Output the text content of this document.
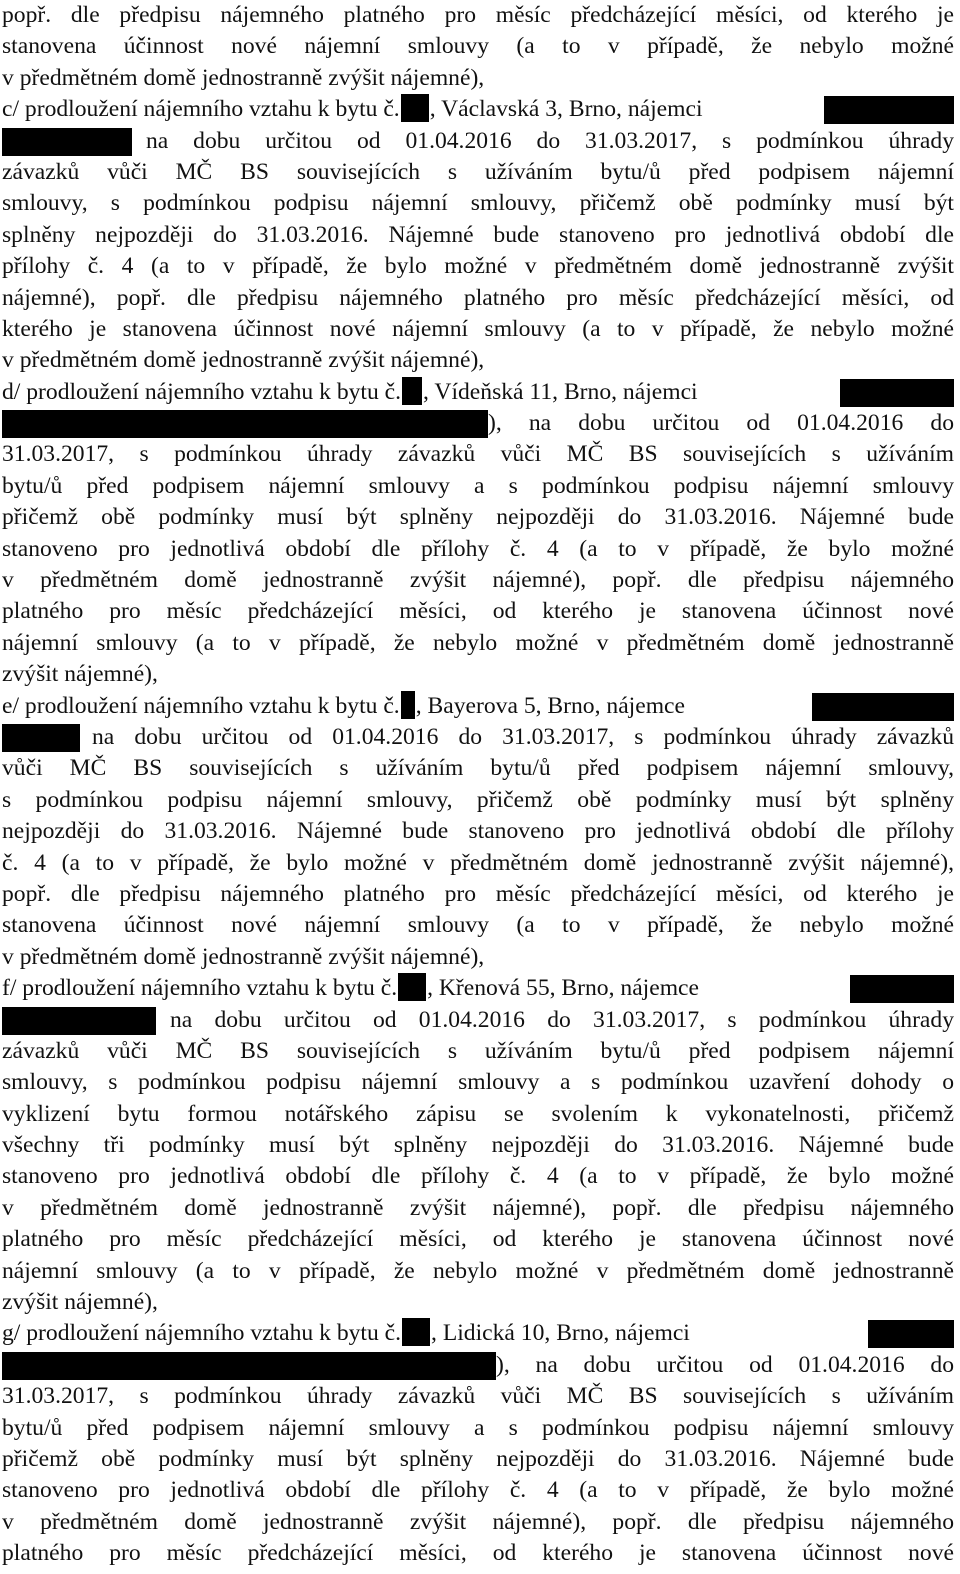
popř. dle předpisu nájemného platného pro měsíc předcházející měsíci, od kterého je
stanovena účinnost nové nájemní smlouvy (a to v případě, že nebylo možné
v předmětném domě jednostranně zvýšit nájemné),
c/ prodloužení nájemního vztahu k bytu č. , Václavská 3, Brno, nájemci
na dobu určitou od 01.04.2016 do 31.03.2017, s podmínkou úhrady
závazků vůči MČ BS souvisejících s užíváním bytu/ů před podpisem nájemní
smlouvy, s podmínkou podpisu nájemní smlouvy, přičemž obě podmínky musí být
splněny nejpozději do 31.03.2016. Nájemné bude stanoveno pro jednotlivá období dle
přílohy č. 4 (a to v případě, že bylo možné v předmětném domě jednostranně zvýšit
nájemné), popř. dle předpisu nájemného platného pro měsíc předcházející měsíci, od
kterého je stanovena účinnost nové nájemní smlouvy (a to v případě, že nebylo možné
v předmětném domě jednostranně zvýšit nájemné),
d/ prodloužení nájemního vztahu k bytu č. , Vídeňská 11, Brno, nájemci
), na dobu určitou od 01.04.2016 do
31.03.2017, s podmínkou úhrady závazků vůči MČ BS souvisejících s užíváním
bytu/ů před podpisem nájemní smlouvy a s podmínkou podpisu nájemní smlouvy
přičemž obě podmínky musí být splněny nejpozději do 31.03.2016. Nájemné bude
stanoveno pro jednotlivá období dle přílohy č. 4 (a to v případě, že bylo možné
v předmětném domě jednostranně zvýšit nájemné), popř. dle předpisu nájemného
platného pro měsíc předcházející měsíci, od kterého je stanovena účinnost nové
nájemní smlouvy (a to v případě, že nebylo možné v předmětném domě jednostranně
zvýšit nájemné),
e/ prodloužení nájemního vztahu k bytu č. , Bayerova 5, Brno, nájemce
na dobu určitou od 01.04.2016 do 31.03.2017, s podmínkou úhrady závazků
vůči MČ BS souvisejících s užíváním bytu/ů před podpisem nájemní smlouvy,
s podmínkou podpisu nájemní smlouvy, přičemž obě podmínky musí být splněny
nejpozději do 31.03.2016. Nájemné bude stanoveno pro jednotlivá období dle přílohy
č. 4 (a to v případě, že bylo možné v předmětném domě jednostranně zvýšit nájemné),
popř. dle předpisu nájemného platného pro měsíc předcházející měsíci, od kterého je
stanovena účinnost nové nájemní smlouvy (a to v případě, že nebylo možné
v předmětném domě jednostranně zvýšit nájemné),
f/ prodloužení nájemního vztahu k bytu č. , Křenová 55, Brno, nájemce
na dobu určitou od 01.04.2016 do 31.03.2017, s podmínkou úhrady
závazků vůči MČ BS souvisejících s užíváním bytu/ů před podpisem nájemní
smlouvy, s podmínkou podpisu nájemní smlouvy a s podmínkou uzavření dohody o
vyklizení bytu formou notářského zápisu se svolením k vykonatelnosti, přičemž
všechny tři podmínky musí být splněny nejpozději do 31.03.2016. Nájemné bude
stanoveno pro jednotlivá období dle přílohy č. 4 (a to v případě, že bylo možné
v předmětném domě jednostranně zvýšit nájemné), popř. dle předpisu nájemného
platného pro měsíc předcházející měsíci, od kterého je stanovena účinnost nové
nájemní smlouvy (a to v případě, že nebylo možné v předmětném domě jednostranně
zvýšit nájemné),
g/ prodloužení nájemního vztahu k bytu č. , Lidická 10, Brno, nájemci
), na dobu určitou od 01.04.2016 do
31.03.2017, s podmínkou úhrady závazků vůči MČ BS souvisejících s užíváním
bytu/ů před podpisem nájemní smlouvy a s podmínkou podpisu nájemní smlouvy
přičemž obě podmínky musí být splněny nejpozději do 31.03.2016. Nájemné bude
stanoveno pro jednotlivá období dle přílohy č. 4 (a to v případě, že bylo možné
v předmětném domě jednostranně zvýšit nájemné), popř. dle předpisu nájemného
platného pro měsíc předcházející měsíci, od kterého je stanovena účinnost nové
